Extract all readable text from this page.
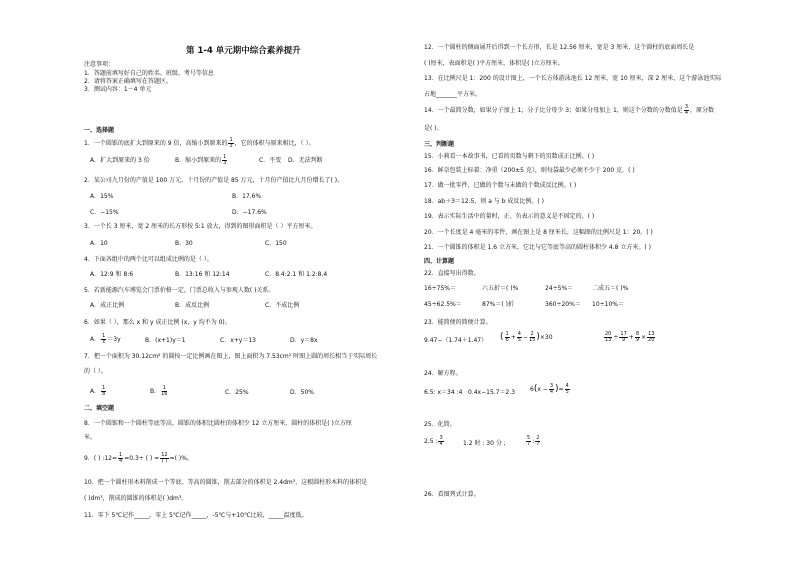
第 1-4 单元期中综合素养提升
注意事项：
1．答题前填写好自己的姓名、班级、考号等信息
2．请将答案正确填写在答题区。
3．测试内容：1－4 单元
一、选择题
1．一个圆锥的底扩大到原来的 9 倍，高缩小到原来的 $\frac{1}{3}$ ，它的体积与原来相比，（ ）。
A．扩大到原来的 3 倍	B．缩小到原来的 $\frac{1}{3}$	C．不变 D．无法判断
2．某公司九月份的产值是 100 万元，十月份的产值是 85 万元，十月份产值比九月份增长了( )。
A．15%	B．17.6%
C．−15%	D．−17.6%
3．一个长 3 厘米，宽 2 厘米的长方形按 5:1 放大，得到的图形面积是（ ）平方厘米。
A．10	B．30	C．150
4．下面各组中的两个比可以组成比例的是（ ）。
A．12:9 和 8:6	B．13:16 和 12:14	C．8.4:2.1 和 1.2:8.4
5．若新能源汽车博览会门票价格一定，门票总收入与参观人数( )关系。
A．成正比例	B．成反比例	C．不成比例
6．如果（ ），那么 x 和 y 成正比例 (x，y 均不为 0)。
A． $\frac{1}{x} =3y$	B．(x+1)y＝1	C．x+y＝13	D．y＝8x
7．把一个面积为 30.12cm² 的圆按一定比例画在图上，图上面积为 7.53cm² 时图上圆的周长相当于实际周长
的（ ）。
A． $\frac{1}{8}$	B． $\frac{1}{16}$	C．25%	D．50%
二、填空题
8．一个圆锥和一个圆柱等底等高，圆锥的体积比圆柱的体积少 12 立方厘米，圆柱的体积是( )立方厘
米。
9．( ) :12= $\frac{1}{4} =0.3\div$ ( ) = $\frac{12}{( )}$ =( )%。
10．把一个圆柱形木料削成一个等底、等高的圆锥，削去部分的体积是 2.4dm³，这根圆柱形木料的体积是
( )dm³，削成的圆锥的体积是( )dm³。
11．零下 5℃记作_____，零上 5℃记作_____，-5℃与+10℃比较，_____温度低。
12．一个圆柱的侧面展开后得到一个长方形，长是 12.56 厘米，宽是 3 厘米，这个圆柱的底面周长是
( )厘米，表面积是( )平方厘米，体积是( )立方厘米。
13．在比例尺是 1：200 的设计图上，一个长方体游泳池长 12 厘米，宽 10 厘米，深 2 厘米，这个游泳池实际
占地_______平方米。
14．一个最简分数，如果分子加上 1，分子比分母少 3；如果分母加上 1，则这个分数的分数值是 $\frac{3}{4}$ ，原分数
是( )。
三、判断题
15．小莉看一本故事书，已看的页数与剩下的页数成正比例。( )
16．鲜奈包装上标着：净重（200±5 克），则每袋最少必须不少于 200 克．( )
17．做一批零件，已做的个数与未做的个数成反比例。( )
18．ab＋3＝12.5，则 a 与 b 成反比例。( )
19．表示实际生活中的量时，正、负表示的意义是不固定的。( )
20．一个长度是 4 毫米的零件，画在图上是 8 厘米长，这幅图的比例尺是 1：20。( )
21．一个圆锥的体积是 1.6 立方米，它比与它等底等高的圆柱体积少 4.8 立方米。( )
四、计算题
22．直接写出得数。
16÷75%＝	六五折＝( )%	24÷5%＝	二成五＝( )%
45÷62.5%＝	87%＝( )折	360÷20%＝ 10÷10%＝
23．能简便的简便计算。
9.47−（1.74＋1.47） ( $\frac{1}{6} + \frac{4}{5} - \frac{2}{15} )\times 30$	$\frac{20}{13} \div \frac{17}{9} + \frac{8}{9} \times \frac{13}{20}$
24．解方程。
6.5: x＝34 :4 0.4x−15.7＝2.3 $6(x - \frac{3}{4}$ )= $\frac{4}{5}$
25．化简。
2.5 : $\frac{3}{4}$	1.2 时 : 30 分 ;	$\frac{5}{7}$ : $\frac{2}{7}$
26．看图列式计算。
